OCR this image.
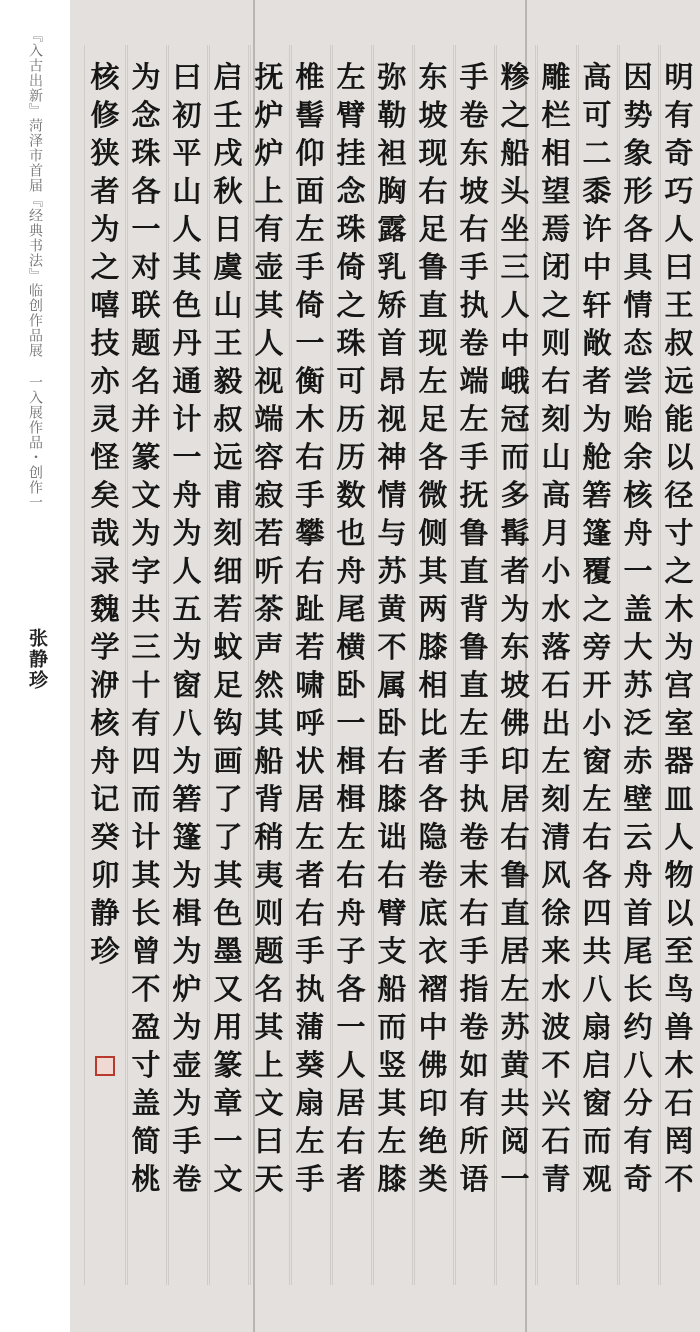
『入古出新』菏泽市首届『经典书法』临创作品展 一入展作品・创作一
张静珍
明
有
奇
巧
人
曰
王
叔
远
能
以
径
寸
之
木
为
宫
室
器
皿
人
物
以
至
鸟
兽
木
石
罔
不
因
势
象
形
各
具
情
态
尝
贻
余
核
舟
一
盖
大
苏
泛
赤
壁
云
舟
首
尾
长
约
八
分
有
奇
高
可
二
黍
许
中
轩
敞
者
为
舱
箬
篷
覆
之
旁
开
小
窗
左
右
各
四
共
八
扇
启
窗
而
观
雕
栏
相
望
焉
闭
之
则
右
刻
山
高
月
小
水
落
石
出
左
刻
清
风
徐
来
水
波
不
兴
石
青
糁
之
船
头
坐
三
人
中
峨
冠
而
多
髯
者
为
东
坡
佛
印
居
右
鲁
直
居
左
苏
黄
共
阅
一
手
卷
东
坡
右
手
执
卷
端
左
手
抚
鲁
直
背
鲁
直
左
手
执
卷
末
右
手
指
卷
如
有
所
语
东
坡
现
右
足
鲁
直
现
左
足
各
微
侧
其
两
膝
相
比
者
各
隐
卷
底
衣
褶
中
佛
印
绝
类
弥
勒
袒
胸
露
乳
矫
首
昂
视
神
情
与
苏
黄
不
属
卧
右
膝
诎
右
臂
支
船
而
竖
其
左
膝
左
臂
挂
念
珠
倚
之
珠
可
历
历
数
也
舟
尾
横
卧
一
楫
楫
左
右
舟
子
各
一
人
居
右
者
椎
髻
仰
面
左
手
倚
一
衡
木
右
手
攀
右
趾
若
啸
呼
状
居
左
者
右
手
执
蒲
葵
扇
左
手
抚
炉
炉
上
有
壶
其
人
视
端
容
寂
若
听
茶
声
然
其
船
背
稍
夷
则
题
名
其
上
文
曰
天
启
壬
戌
秋
日
虞
山
王
毅
叔
远
甫
刻
细
若
蚊
足
钩
画
了
了
其
色
墨
又
用
篆
章
一
文
曰
初
平
山
人
其
色
丹
通
计
一
舟
为
人
五
为
窗
八
为
箬
篷
为
楫
为
炉
为
壶
为
手
卷
为
念
珠
各
一
对
联
题
名
并
篆
文
为
字
共
三
十
有
四
而
计
其
长
曾
不
盈
寸
盖
简
桃
核
修
狭
者
为
之
嘻
技
亦
灵
怪
矣
哉
录
魏
学
洢
核
舟
记
癸
卯
静
珍
